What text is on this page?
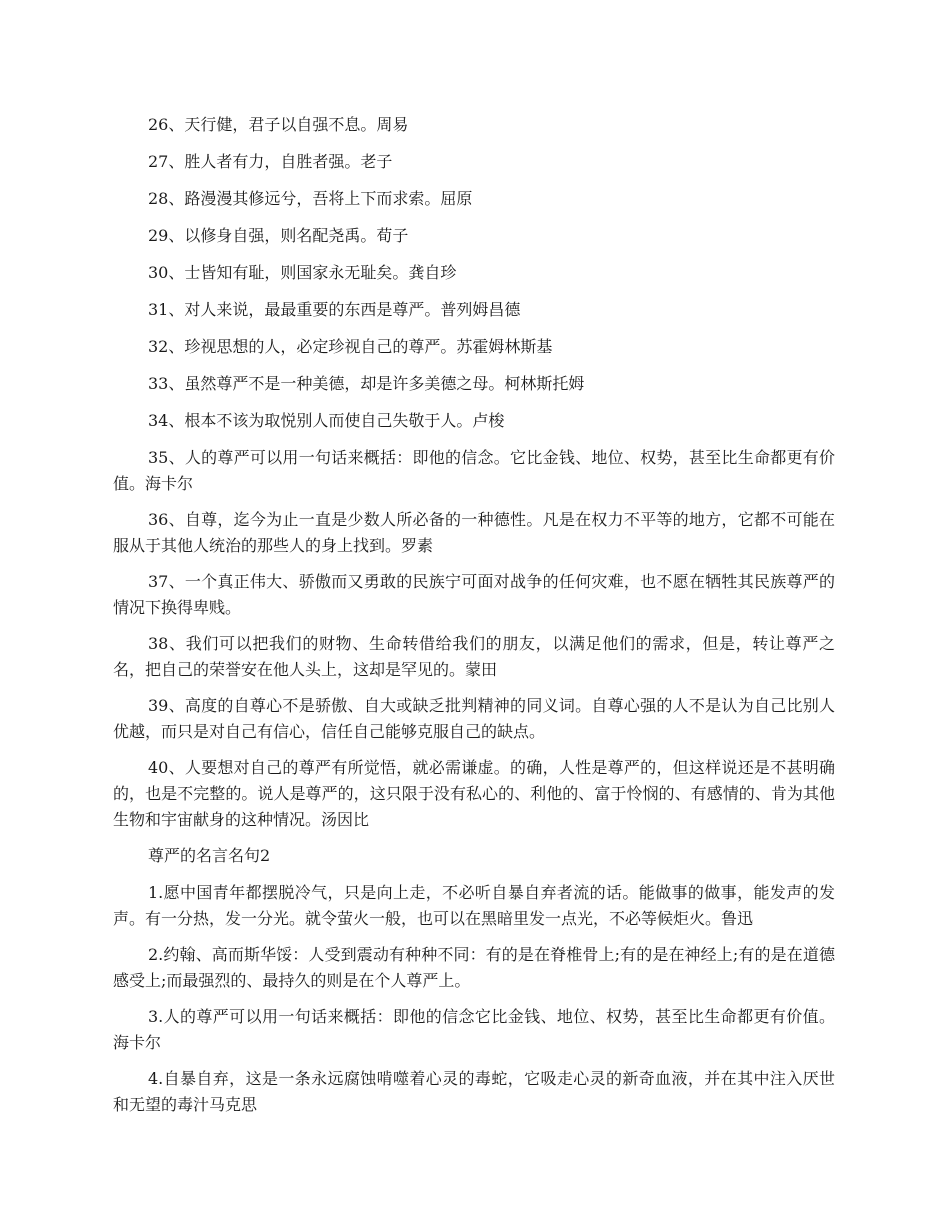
26、天行健，君子以自强不息。周易

27、胜人者有力，自胜者强。老子

28、路漫漫其修远兮，吾将上下而求索。屈原

29、以修身自强，则名配尧禹。荀子

30、士皆知有耻，则国家永无耻矣。龚自珍

31、对人来说，最最重要的东西是尊严。普列姆昌德

32、珍视思想的人，必定珍视自己的尊严。苏霍姆林斯基

33、虽然尊严不是一种美德，却是许多美德之母。柯林斯托姆

34、根本不该为取悦别人而使自己失敬于人。卢梭

35、人的尊严可以用一句话来概括：即他的信念。它比金钱、地位、权势，甚至比生命都更有价值。海卡尔

36、自尊，迄今为止一直是少数人所必备的一种德性。凡是在权力不平等的地方，它都不可能在服从于其他人统治的那些人的身上找到。罗素

37、一个真正伟大、骄傲而又勇敢的民族宁可面对战争的任何灾难，也不愿在牺牲其民族尊严的情况下换得卑贱。

38、我们可以把我们的财物、生命转借给我们的朋友，以满足他们的需求，但是，转让尊严之名，把自己的荣誉安在他人头上，这却是罕见的。蒙田

39、高度的自尊心不是骄傲、自大或缺乏批判精神的同义词。自尊心强的人不是认为自己比别人优越，而只是对自己有信心，信任自己能够克服自己的缺点。

40、人要想对自己的尊严有所觉悟，就必需谦虚。的确，人性是尊严的，但这样说还是不甚明确的，也是不完整的。说人是尊严的，这只限于没有私心的、利他的、富于怜悯的、有感情的、肯为其他生物和宇宙献身的这种情况。汤因比

尊严的名言名句2

1.愿中国青年都摆脱冷气，只是向上走，不必听自暴自弃者流的话。能做事的做事，能发声的发声。有一分热，发一分光。就令萤火一般，也可以在黑暗里发一点光，不必等候炬火。鲁迅

2.约翰、高而斯华馁：人受到震动有种种不同：有的是在脊椎骨上;有的是在神经上;有的是在道德感受上;而最强烈的、最持久的则是在个人尊严上。

3.人的尊严可以用一句话来概括：即他的信念它比金钱、地位、权势，甚至比生命都更有价值。海卡尔

4.自暴自弃，这是一条永远腐蚀啃噬着心灵的毒蛇，它吸走心灵的新奇血液，并在其中注入厌世和无望的毒汁马克思
